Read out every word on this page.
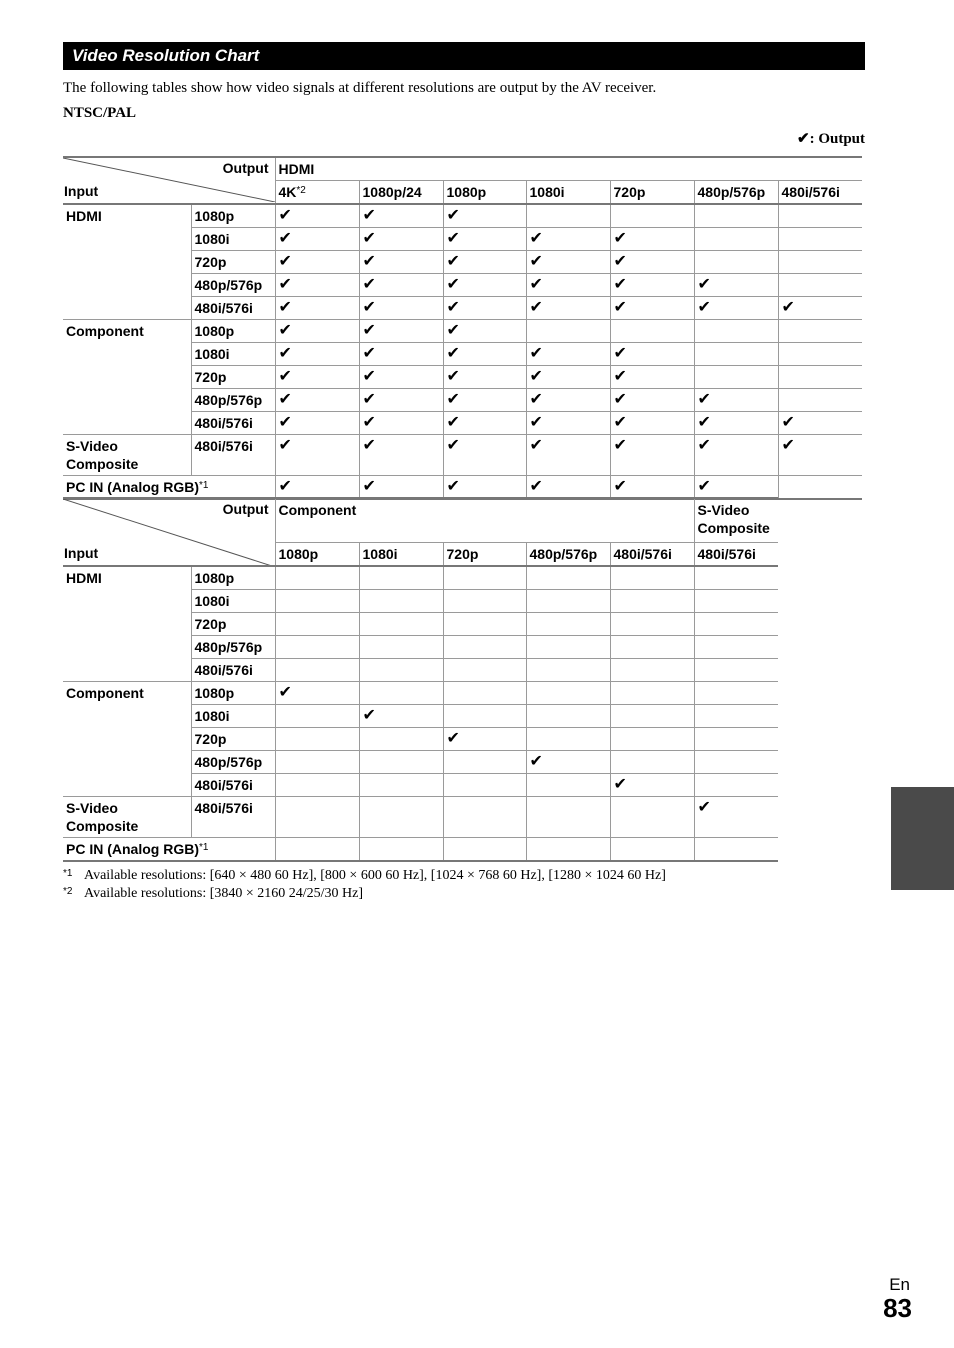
Video Resolution Chart
The following tables show how video signals at different resolutions are output by the AV receiver.
NTSC/PAL
✔: Output
Output
Input		HDMI						
		$4K^{*2}$	1080p/24	1080p	1080i	720p	480p/576p	480i/576i
HDMI	1080p	✔	✔	✔				
	1080i	✔	✔	✔	✔	✔		
	720p	✔	✔	✔	✔	✔		
	480p/576p	✔	✔	✔	✔	✔	✔	
	480i/576i	✔	✔	✔	✔	✔	✔	✔
Component	1080p	✔	✔	✔				
	1080i	✔	✔	✔	✔	✔		
	720p	✔	✔	✔	✔	✔		
	480p/576p	✔	✔	✔	✔	✔	✔	
	480i/576i	✔	✔	✔	✔	✔	✔	✔
S-Video Composite	480i/576i	✔	✔	✔	✔	✔	✔	✔
PC IN (Analog RGB)$^{*1}$		✔	✔	✔	✔	✔	✔	
Output
Input		Component					S-Video Composite
		1080p	1080i	720p	480p/576p	480i/576i	480i/576i
HDMI	1080p						
	1080i						
	720p						
	480p/576p						
	480i/576i						
Component	1080p	✔					
	1080i		✔				
	720p			✔			
	480p/576p				✔		
	480i/576i					✔	
S-Video Composite	480i/576i						✔
PC IN (Analog RGB)$^{*1}$						
*1 Available resolutions: [640 × 480 60 Hz], [800 × 600 60 Hz], [1024 × 768 60 Hz], [1280 × 1024 60 Hz]
*2 Available resolutions: [3840 × 2160 24/25/30 Hz]
En
83
